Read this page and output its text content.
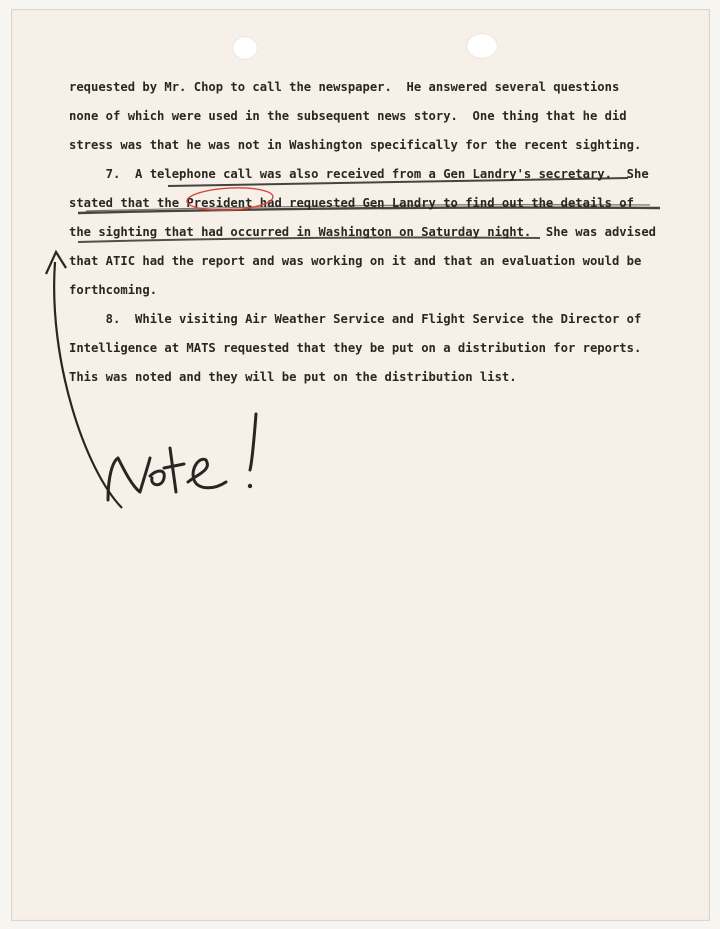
requested by Mr. Chop to call the newspaper.  He answered several questions

none of which were used in the subsequent news story.  One thing that he did

stress was that he was not in Washington specifically for the recent sighting.

7.  A telephone call was also received from a Gen Landry's secretary.  She

stated that the President had requested Gen Landry to find out the details of

the sighting that had occurred in Washington on Saturday night.  She was advised

that ATIC had the report and was working on it and that an evaluation would be

forthcoming.

8.  While visiting Air Weather Service and Flight Service the Director of

Intelligence at MATS requested that they be put on a distribution for reports.

This was noted and they will be put on the distribution list.
